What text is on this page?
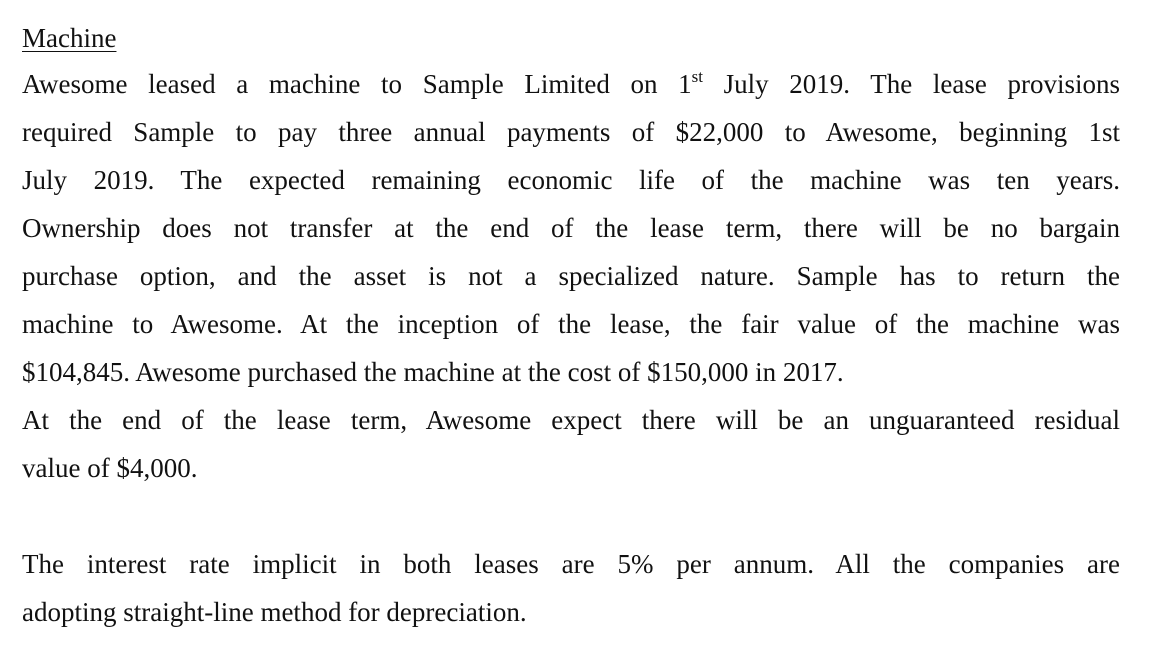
Machine
Awesome leased a machine to Sample Limited on 1st July 2019. The lease provisions
required Sample to pay three annual payments of $22,000 to Awesome, beginning 1st
July 2019. The expected remaining economic life of the machine was ten years.
Ownership does not transfer at the end of the lease term, there will be no bargain
purchase option, and the asset is not a specialized nature. Sample has to return the
machine to Awesome. At the inception of the lease, the fair value of the machine was
$104,845. Awesome purchased the machine at the cost of $150,000 in 2017.
At the end of the lease term, Awesome expect there will be an unguaranteed residual
value of $4,000.
The interest rate implicit in both leases are 5% per annum. All the companies are
adopting straight-line method for depreciation.
